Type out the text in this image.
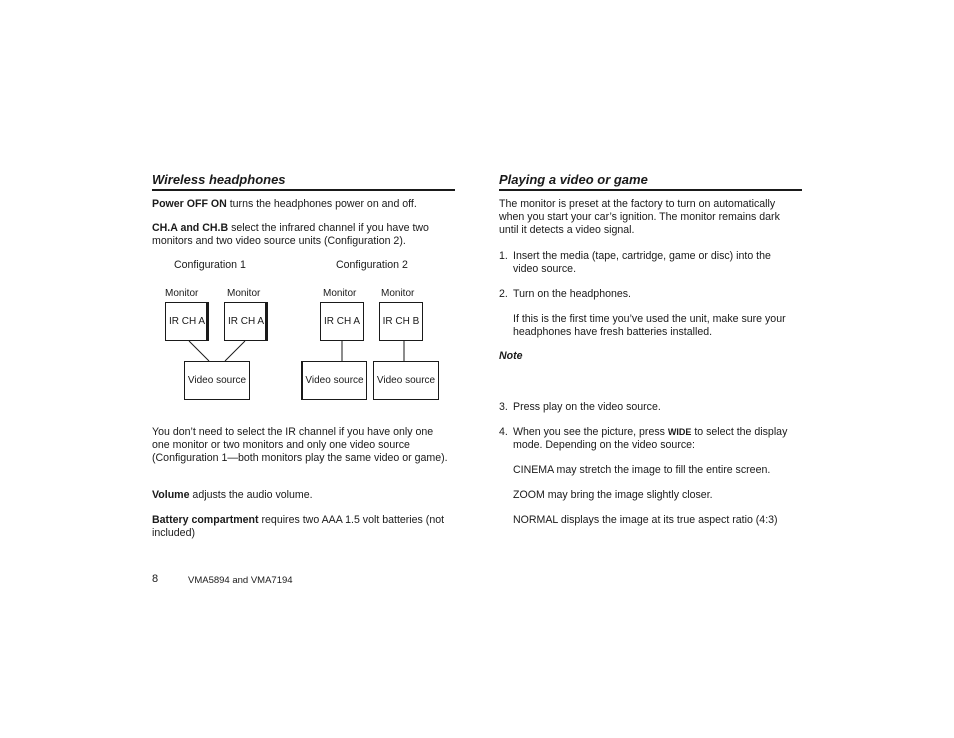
Wireless headphones

Power OFF ON turns the headphones power on and off.

CH.A and CH.B select the infrared channel if you have two monitors and two video source units (Configuration 2).

Configuration 1	Configuration 2
Monitor	Monitor	Monitor Monitor
IR CH A	IR CH A	IR CH A	IR CH B
Video source	Video source	Video source

You don’t need to select the IR channel if you have only one one monitor or two monitors and only one video source (Configuration 1—both monitors play the same video or game).

Volume adjusts the audio volume.

Battery compartment requires two AAA 1.5 volt batteries (not included)

Playing a video or game

The monitor is preset at the factory to turn on automatically when you start your car’s ignition. The monitor remains dark until it detects a video signal.

1. Insert the media (tape, cartridge, game or disc) into the video source.
2. Turn on the headphones.

If this is the first time you’ve used the unit, make sure your headphones have fresh batteries installed.

Note

3. Press play on the video source.
4. When you see the picture, press WIDE to select the display mode. Depending on the video source:

CINEMA may stretch the image to fill the entire screen.

ZOOM may bring the image slightly closer.

NORMAL displays the image at its true aspect ratio (4:3)

8	VMA5894 and VMA7194
